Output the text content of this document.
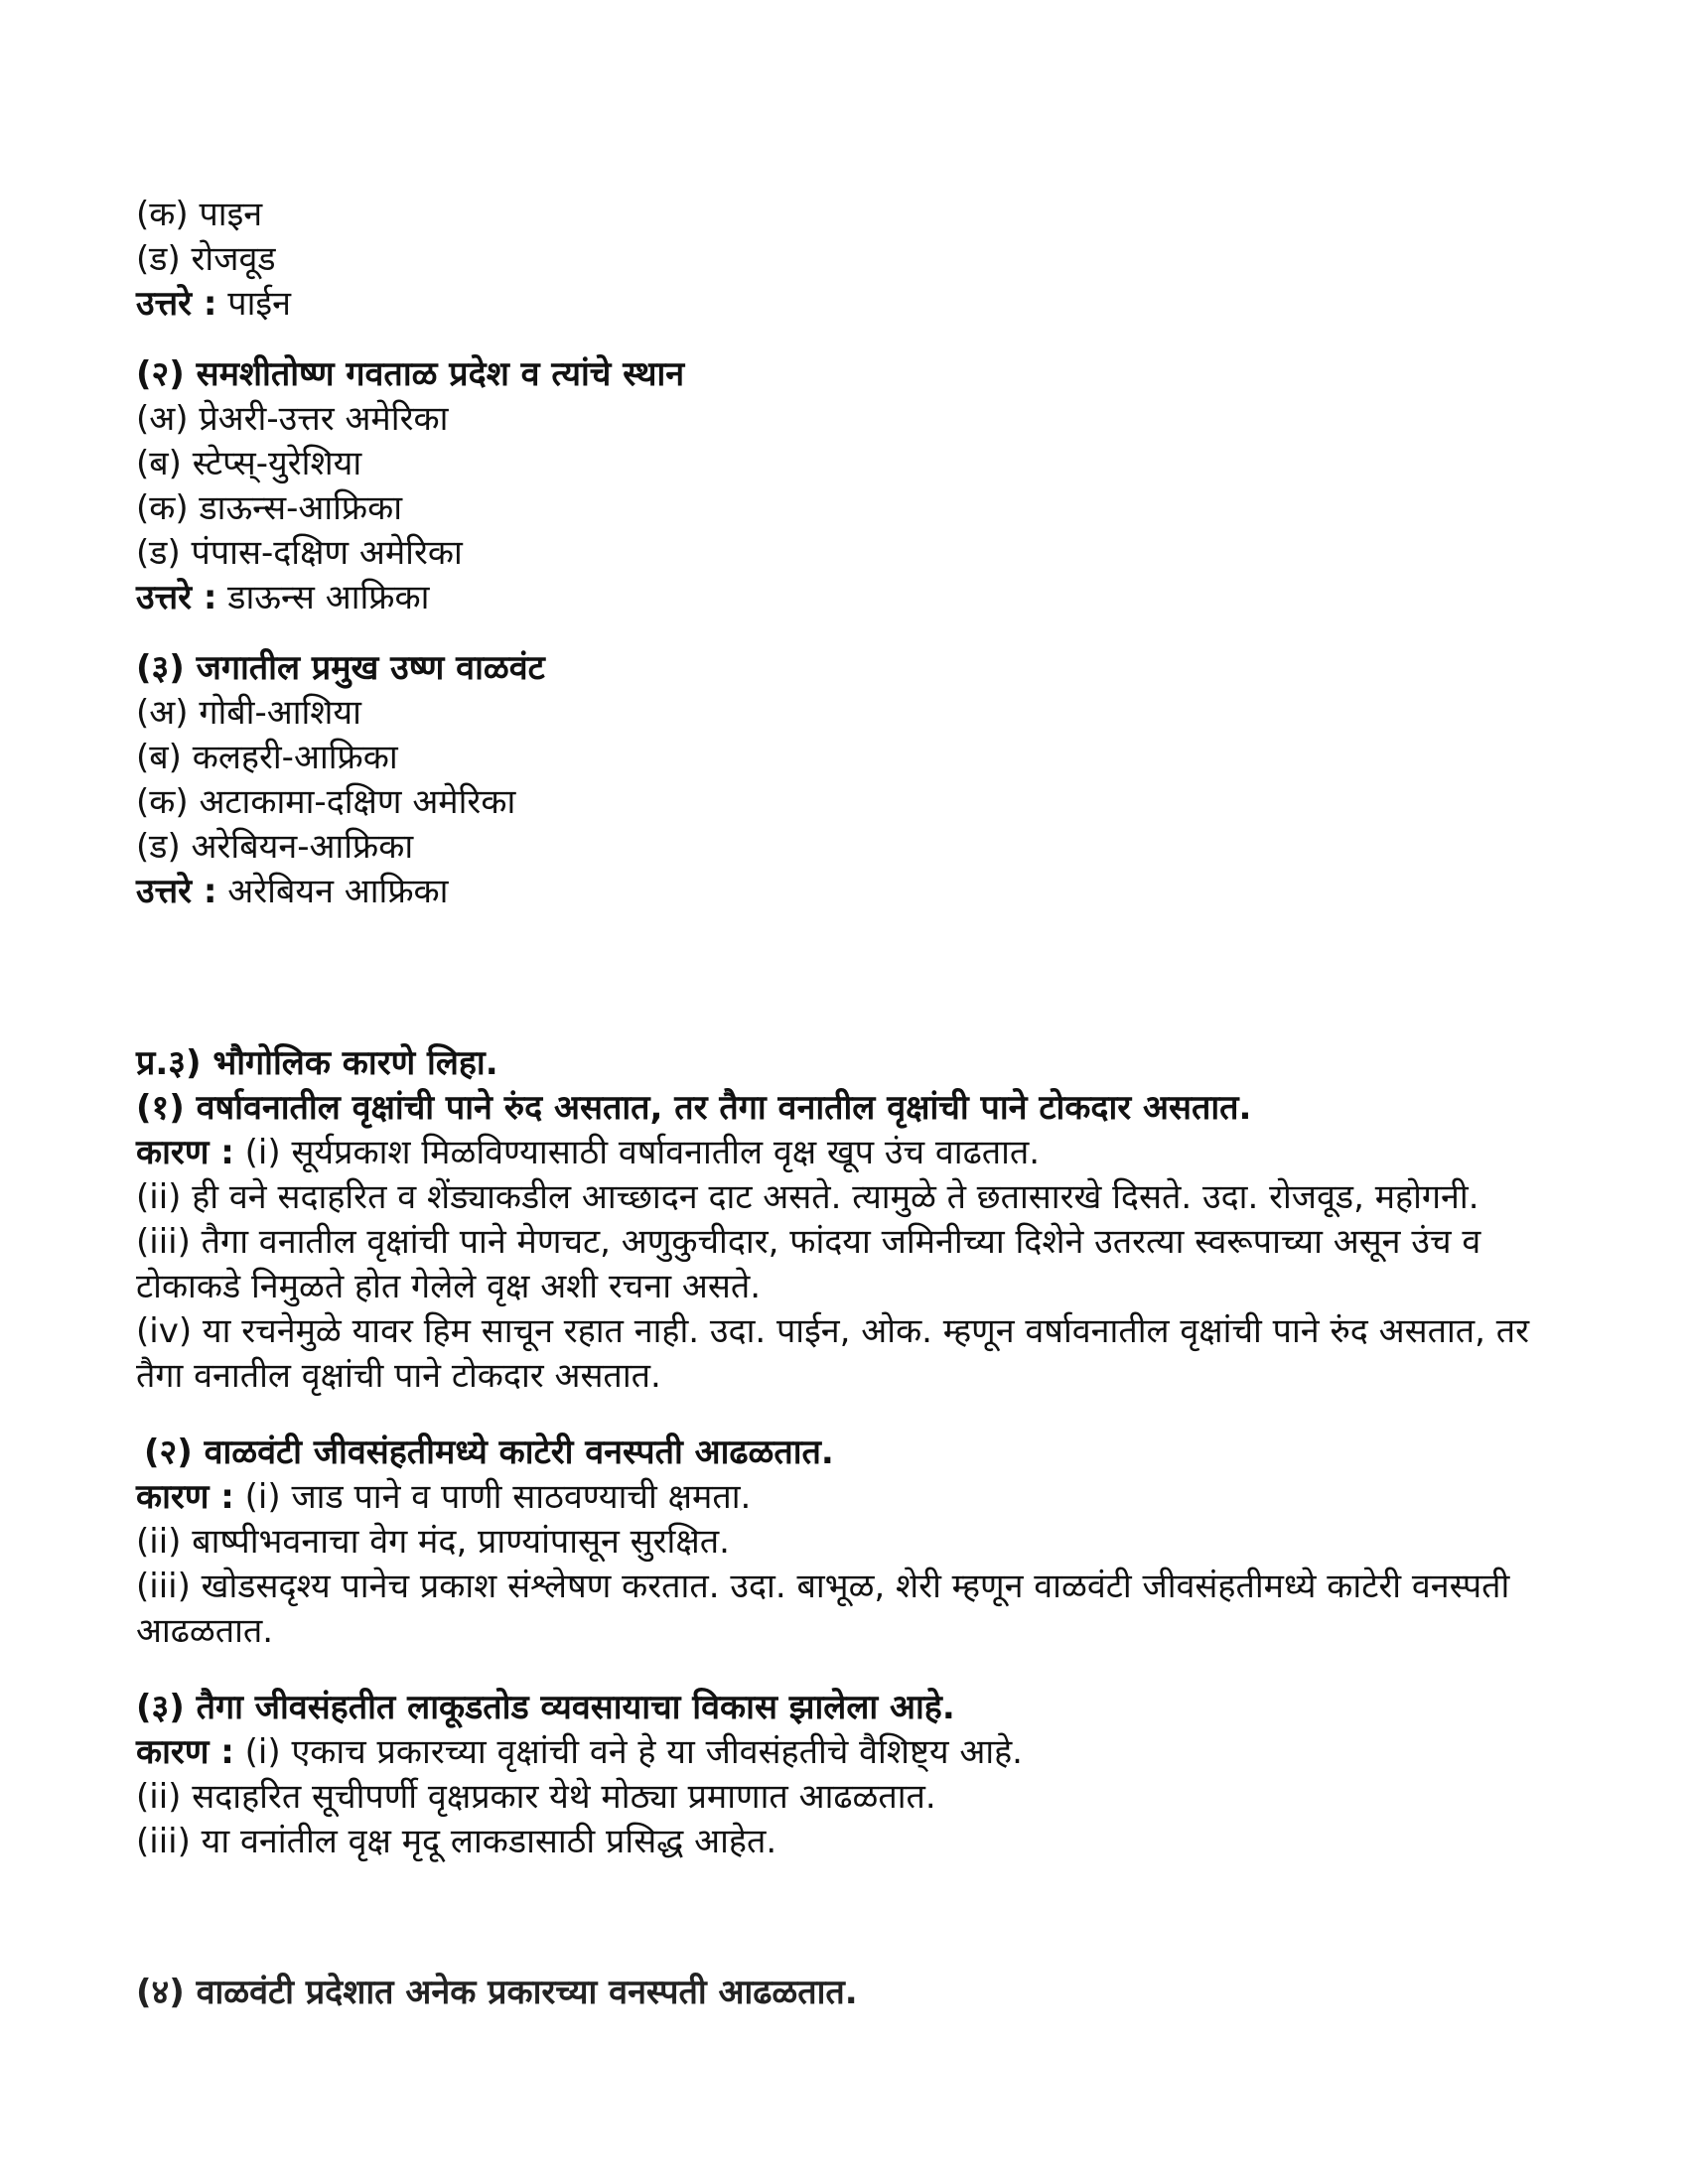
(क) पाइन
(ड) रोजवूड
उत्तरे : पाईन
(२) समशीतोष्ण गवताळ प्रदेश व त्यांचे स्थान
(अ) प्रेअरी-उत्तर अमेरिका
(ब) स्टेप्स्-युरेशिया
(क) डाऊन्स-आफ्रिका
(ड) पंपास-दक्षिण अमेरिका
उत्तरे : डाऊन्स आफ्रिका
(३) जगातील प्रमुख उष्ण वाळवंट
(अ) गोबी-आशिया
(ब) कलहरी-आफ्रिका
(क) अटाकामा-दक्षिण अमेरिका
(ड) अरेबियन-आफ्रिका
उत्तरे : अरेबियन आफ्रिका
प्र.३) भौगोलिक कारणे लिहा.
(१) वर्षावनातील वृक्षांची पाने रुंद असतात, तर तैगा वनातील वृक्षांची पाने टोकदार असतात.
कारण : (i) सूर्यप्रकाश मिळविण्यासाठी वर्षावनातील वृक्ष खूप उंच वाढतात.
(ii) ही वने सदाहरित व शेंड्याकडील आच्छादन दाट असते. त्यामुळे ते छतासारखे दिसते. उदा. रोजवूड, महोगनी.
(iii) तैगा वनातील वृक्षांची पाने मेणचट, अणुकुचीदार, फांदया जमिनीच्या दिशेने उतरत्या स्वरूपाच्या असून उंच व टोकाकडे निमुळते होत गेलेले वृक्ष अशी रचना असते.
(iv) या रचनेमुळे यावर हिम साचून रहात नाही. उदा. पाईन, ओक. म्हणून वर्षावनातील वृक्षांची पाने रुंद असतात, तर तैगा वनातील वृक्षांची पाने टोकदार असतात.
(२) वाळवंटी जीवसंहतीमध्ये काटेरी वनस्पती आढळतात.
कारण : (i) जाड पाने व पाणी साठवण्याची क्षमता.
(ii) बाष्पीभवनाचा वेग मंद, प्राण्यांपासून सुरक्षित.
(iii) खोडसदृश्य पानेच प्रकाश संश्लेषण करतात. उदा. बाभूळ, शेरी म्हणून वाळवंटी जीवसंहतीमध्ये काटेरी वनस्पती आढळतात.
(३) तैगा जीवसंहतीत लाकूडतोड व्यवसायाचा विकास झालेला आहे.
कारण : (i) एकाच प्रकारच्या वृक्षांची वने हे या जीवसंहतीचे वैशिष्ट्य आहे.
(ii) सदाहरित सूचीपर्णी वृक्षप्रकार येथे मोठ्या प्रमाणात आढळतात.
(iii) या वनांतील वृक्ष मृदू लाकडासाठी प्रसिद्ध आहेत.
(४) वाळवंटी प्रदेशात अनेक प्रकारच्या वनस्पती आढळतात.
